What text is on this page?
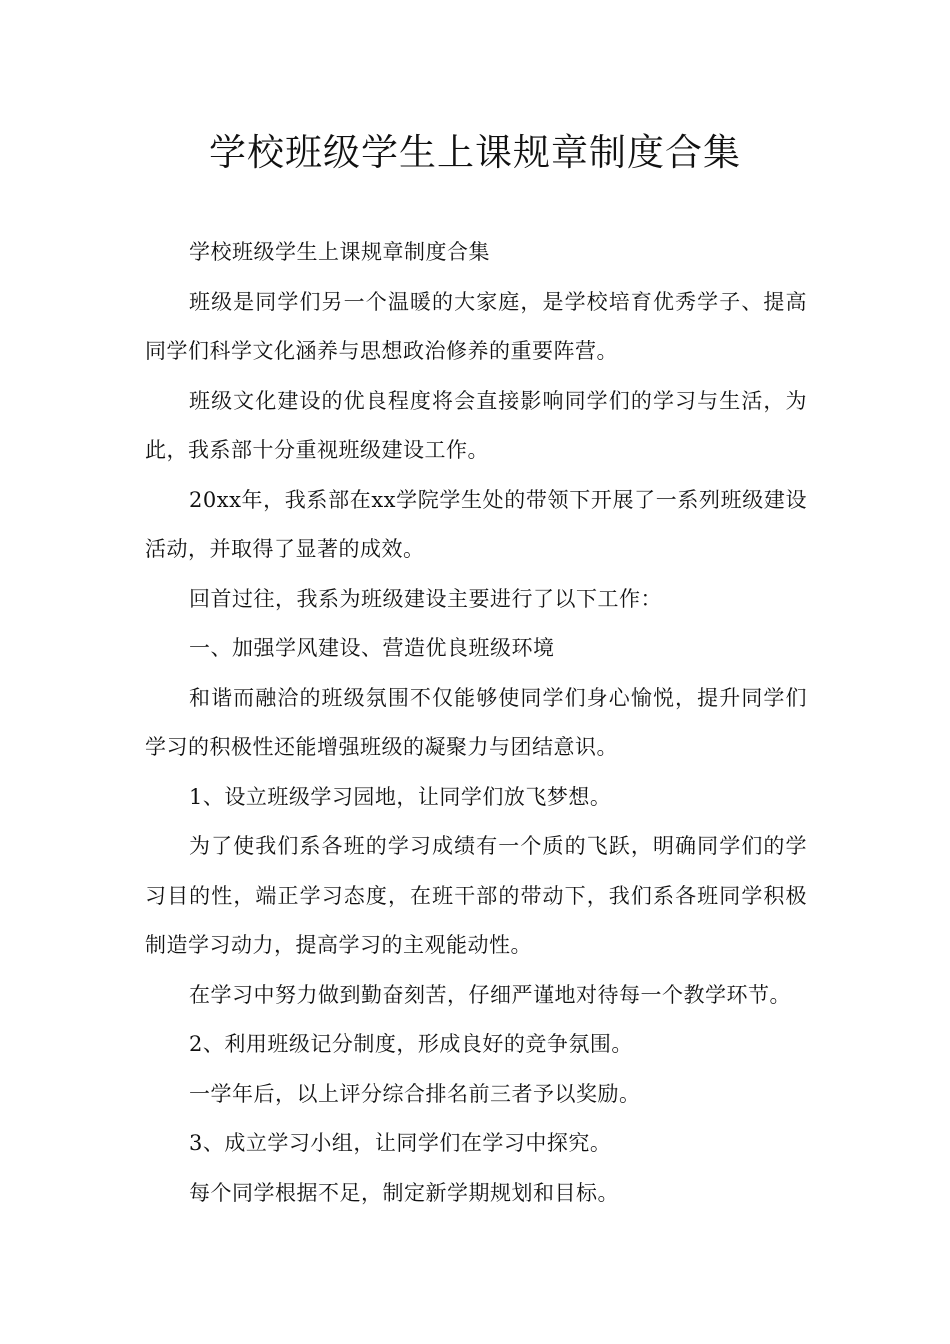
学校班级学生上课规章制度合集

学校班级学生上课规章制度合集

班级是同学们另一个温暖的大家庭，是学校培育优秀学子、提高同学们科学文化涵养与思想政治修养的重要阵营。

班级文化建设的优良程度将会直接影响同学们的学习与生活，为此，我系部十分重视班级建设工作。

20xx年，我系部在xx学院学生处的带领下开展了一系列班级建设活动，并取得了显著的成效。

回首过往，我系为班级建设主要进行了以下工作：

一、加强学风建设、营造优良班级环境

和谐而融洽的班级氛围不仅能够使同学们身心愉悦，提升同学们学习的积极性还能增强班级的凝聚力与团结意识。

1、设立班级学习园地，让同学们放飞梦想。

为了使我们系各班的学习成绩有一个质的飞跃，明确同学们的学习目的性，端正学习态度，在班干部的带动下，我们系各班同学积极制造学习动力，提高学习的主观能动性。

在学习中努力做到勤奋刻苦，仔细严谨地对待每一个教学环节。

2、利用班级记分制度，形成良好的竞争氛围。

一学年后，以上评分综合排名前三者予以奖励。

3、成立学习小组，让同学们在学习中探究。

每个同学根据不足，制定新学期规划和目标。
